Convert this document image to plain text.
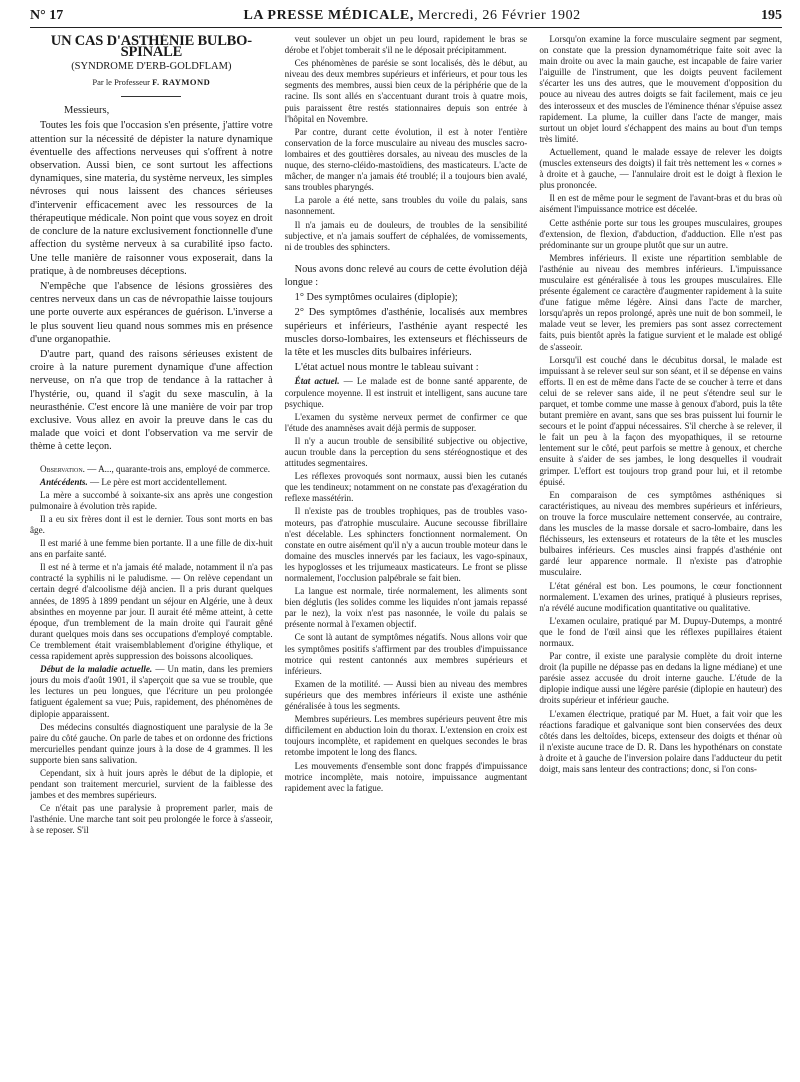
N° 17	LA PRESSE MÉDICALE, Mercredi, 26 Février 1902	195
UN CAS D'ASTHÉNIE BULBO-SPINALE
(SYNDROME D'ERB-GOLDFLAM)
Par le Professeur F. RAYMOND
Messieurs,

Toutes les fois que l'occasion s'en présente, j'attire votre attention sur la nécessité de dépister la nature dynamique éventuelle des affections nerveuses qui s'offrent à notre observation. Aussi bien, ce sont surtout les affections dynamiques, sine materia, du système nerveux, les simples névroses qui nous laissent des chances sérieuses d'intervenir efficacement avec les ressources de la thérapeutique médicale. Non point que vous soyez en droit de conclure de la nature exclusivement fonctionnelle d'une affection du système nerveux à sa curabilité ipso facto. Une telle manière de raisonner vous exposerait, dans la pratique, à de nombreuses déceptions.

N'empêche que l'absence de lésions grossières des centres nerveux dans un cas de névropathie laisse toujours une porte ouverte aux espérances de guérison. L'inverse a le plus souvent lieu quand nous sommes mis en présence d'une organopathie.

D'autre part, quand des raisons sérieuses existent de croire à la nature purement dynamique d'une affection nerveuse, on n'a que trop de tendance à la rattacher à l'hystérie, ou, quand il s'agit du sexe masculin, à la neurasthénie. C'est encore là une manière de voir par trop exclusive. Vous allez en avoir la preuve dans le cas du malade que voici et dont l'observation va me servir de thème à cette leçon.

Observation. — A..., quarante-trois ans, employé de commerce.

Antécédents. — Le père est mort accidentellement.

La mère a succombé à soixante-six ans après une congestion pulmonaire à évolution très rapide.

Il a eu six frères dont il est le dernier. Tous sont morts en bas âge.

Il est marié à une femme bien portante. Il a une fille de dix-huit ans en parfaite santé.

Il est né à terme et n'a jamais été malade, notamment il n'a pas contracté la syphilis ni le paludisme. — On relève cependant un certain degré d'alcoolisme déjà ancien. Il a pris durant quelques années, de 1895 à 1899 pendant un séjour en Algérie, une à deux absinthes en moyenne par jour. Il aurait été même atteint, à cette époque, d'un tremblement de la main droite qui l'aurait gêné durant quelques mois dans ses occupations d'employé comptable. Ce tremblement était vraisemblablement d'origine éthylique, et cessa rapidement après suppression des boissons alcooliques.

Début de la maladie actuelle. — Un matin, dans les premiers jours du mois d'août 1901, il s'aperçoit que sa vue se trouble, que les lectures un peu longues, que l'écriture un peu prolongée fatiguent également sa vue; Puis, rapidement, des phénomènes de diplopie apparaissent.

Des médecins consultés diagnostiquent une paralysie de la 3e paire du côté gauche. On parle de tabes et on ordonne des frictions mercurielles pendant quinze jours à la dose de 4 grammes. Il les supporte bien sans salivation.

Cependant, six à huit jours après le début de la diplopie, et pendant son traitement mercuriel, survient de la faiblesse des jambes et des membres supérieurs.

Ce n'était pas une paralysie à proprement parler, mais de l'asthénie. Une marche tant soit peu prolongée le force à s'asseoir, à se reposer. S'il

veut soulever un objet un peu lourd, rapidement le bras se dérobe et l'objet tomberait s'il ne le déposait précipitamment.

Ces phénomènes de parésie se sont localisés, dès le début, au niveau des deux membres supérieurs et inférieurs, et pour tous les segments des membres, aussi bien ceux de la périphérie que de la racine. Ils sont allés en s'accentuant durant trois à quatre mois, puis paraissent être restés stationnaires depuis son entrée à l'hôpital en Novembre.

Par contre, durant cette évolution, il est à noter l'entière conservation de la force musculaire au niveau des muscles sacro-lombaires et des gouttières dorsales, au niveau des muscles de la nuque, des sterno-cléido-mastoïdiens, des masticateurs. L'acte de mâcher, de manger n'a jamais été troublé; il a toujours bien avalé, sans troubles pharyngés.

La parole a été nette, sans troubles du voile du palais, sans nasonnement.

Il n'a jamais eu de douleurs, de troubles de la sensibilité subjective, et n'a jamais souffert de céphalées, de vomissements, ni de troubles des sphincters.

Nous avons donc relevé au cours de cette évolution déjà longue :

1° Des symptômes oculaires (diplopie);

2° Des symptômes d'asthénie, localisés aux membres supérieurs et inférieurs, l'asthénie ayant respecté les muscles dorso-lombaires, les extenseurs et fléchisseurs de la tête et les muscles dits bulbaires inférieurs.

L'état actuel nous montre le tableau suivant :

État actuel. — Le malade est de bonne santé apparente, de corpulence moyenne. Il est instruit et intelligent, sans aucune tare psychique.

L'examen du système nerveux permet de confirmer ce que l'étude des anamnèses avait déjà permis de supposer.

Il n'y a aucun trouble de sensibilité subjective ou objective, aucun trouble dans la perception du sens stéréognostique et des attitudes segmentaires.

Les réflexes provoqués sont normaux, aussi bien les cutanés que les tendineux; notamment on ne constate pas d'exagération du reflexe massétérin.

Il n'existe pas de troubles trophiques, pas de troubles vaso-moteurs, pas d'atrophie musculaire. Aucune secousse fibrillaire n'est décelable. Les sphincters fonctionnent normalement. On constate en outre aisément qu'il n'y a aucun trouble moteur dans le domaine des muscles innervés par les faciaux, les vago-spinaux, les hypoglosses et les trijumeaux masticateurs. Le front se plisse normalement, l'occlusion palpébrale se fait bien.

La langue est normale, tirée normalement, les aliments sont bien déglutis (les solides comme les liquides n'ont jamais repassé par le nez), la voix n'est pas nasonnée, le voile du palais se présente normal à l'examen objectif.

Ce sont là autant de symptômes négatifs. Nous allons voir que les symptômes positifs s'affirment par des troubles d'impuissance motrice qui restent cantonnés aux membres supérieurs et inférieurs.

Examen de la motilité. — Aussi bien au niveau des membres supérieurs que des membres inférieurs il existe une asthénie généralisée à tous les segments.

Membres supérieurs. Les membres supérieurs peuvent être mis difficilement en abduction loin du thorax. L'extension en croix est toujours incomplète, et rapidement en quelques secondes le bras retombe impotent le long des flancs.

Les mouvements d'ensemble sont donc frappés d'impuissance motrice incomplète, mais notoire, impuissance augmentant rapidement avec la fatigue.

Lorsqu'on examine la force musculaire segment par segment, on constate que la pression dynamométrique faite soit avec la main droite ou avec la main gauche, est incapable de faire varier l'aiguille de l'instrument, que les doigts peuvent facilement s'écarter les uns des autres, que le mouvement d'opposition du pouce au niveau des autres doigts se fait facilement, mais ce jeu des interosseux et des muscles de l'éminence thénar s'épuise assez rapidement. La plume, la cuiller dans l'acte de manger, mais surtout un objet lourd s'échappent des mains au bout d'un temps très limité.

Actuellement, quand le malade essaye de relever les doigts (muscles extenseurs des doigts) il fait très nettement les « cornes » à droite et à gauche, — l'annulaire droit est le doigt à flexion le plus prononcée.

Il en est de même pour le segment de l'avant-bras et du bras où aisément l'impuissance motrice est décelée.

Cette asthénie porte sur tous les groupes musculaires, groupes d'extension, de flexion, d'abduction, d'adduction. Elle n'est pas prédominante sur un groupe plutôt que sur un autre.

Membres inférieurs. Il existe une répartition semblable de l'asthénie au niveau des membres inférieurs. L'impuissance musculaire est généralisée à tous les groupes musculaires. Elle présente également ce caractère d'augmenter rapidement à la suite d'une fatigue même légère. Ainsi dans l'acte de marcher, lorsqu'après un repos prolongé, après une nuit de bon sommeil, le malade veut se lever, les premiers pas sont assez correctement faits, puis bientôt après la fatigue survient et le malade est obligé de s'asseoir.

Lorsqu'il est couché dans le décubitus dorsal, le malade est impuissant à se relever seul sur son séant, et il se dépense en vains efforts. Il en est de même dans l'acte de se coucher à terre et dans celui de se relever sans aide, il ne peut s'étendre seul sur le parquet, et tombe comme une masse à genoux d'abord, puis la tête butant première en avant, sans que ses bras puissent lui fournir le secours et le point d'appui nécessaires. S'il cherche à se relever, il le fait un peu à la façon des myopathiques, il se retourne lentement sur le côté, peut parfois se mettre à genoux, et cherche ensuite à s'aider de ses jambes, le long desquelles il voudrait grimper. L'effort est toujours trop grand pour lui, et il retombe épuisé.

En comparaison de ces symptômes asthéniques si caractéristiques, au niveau des membres supérieurs et inférieurs, on trouve la force musculaire nettement conservée, au contraire, dans les muscles de la masse dorsale et sacro-lombaire, dans les fléchisseurs, les extenseurs et rotateurs de la tête et les muscles bulbaires inférieurs. Ces muscles ainsi frappés d'asthénie ont gardé leur apparence normale. Il n'existe pas d'atrophie musculaire.

L'état général est bon. Les poumons, le cœur fonctionnent normalement. L'examen des urines, pratiqué à plusieurs reprises, n'a révélé aucune modification quantitative ou qualitative.

L'examen oculaire, pratiqué par M. Dupuy-Dutemps, a montré que le fond de l'œil ainsi que les réflexes pupillaires étaient normaux.

Par contre, il existe une paralysie complète du droit interne droit (la pupille ne dépasse pas en dedans la ligne médiane) et une parésie assez accusée du droit interne gauche. L'étude de la diplopie indique aussi une légère parésie (diplopie en hauteur) des droits supérieur et inférieur gauche.

L'examen électrique, pratiqué par M. Huet, a fait voir que les réactions faradique et galvanique sont bien conservées des deux côtés dans les deltoïdes, biceps, extenseur des doigts et thénar où il n'existe aucune trace de D. R. Dans les hypothénars on constate à droite et à gauche de l'inversion polaire dans l'adducteur du petit doigt, mais sans lenteur des contractions; donc, si l'on cons-
